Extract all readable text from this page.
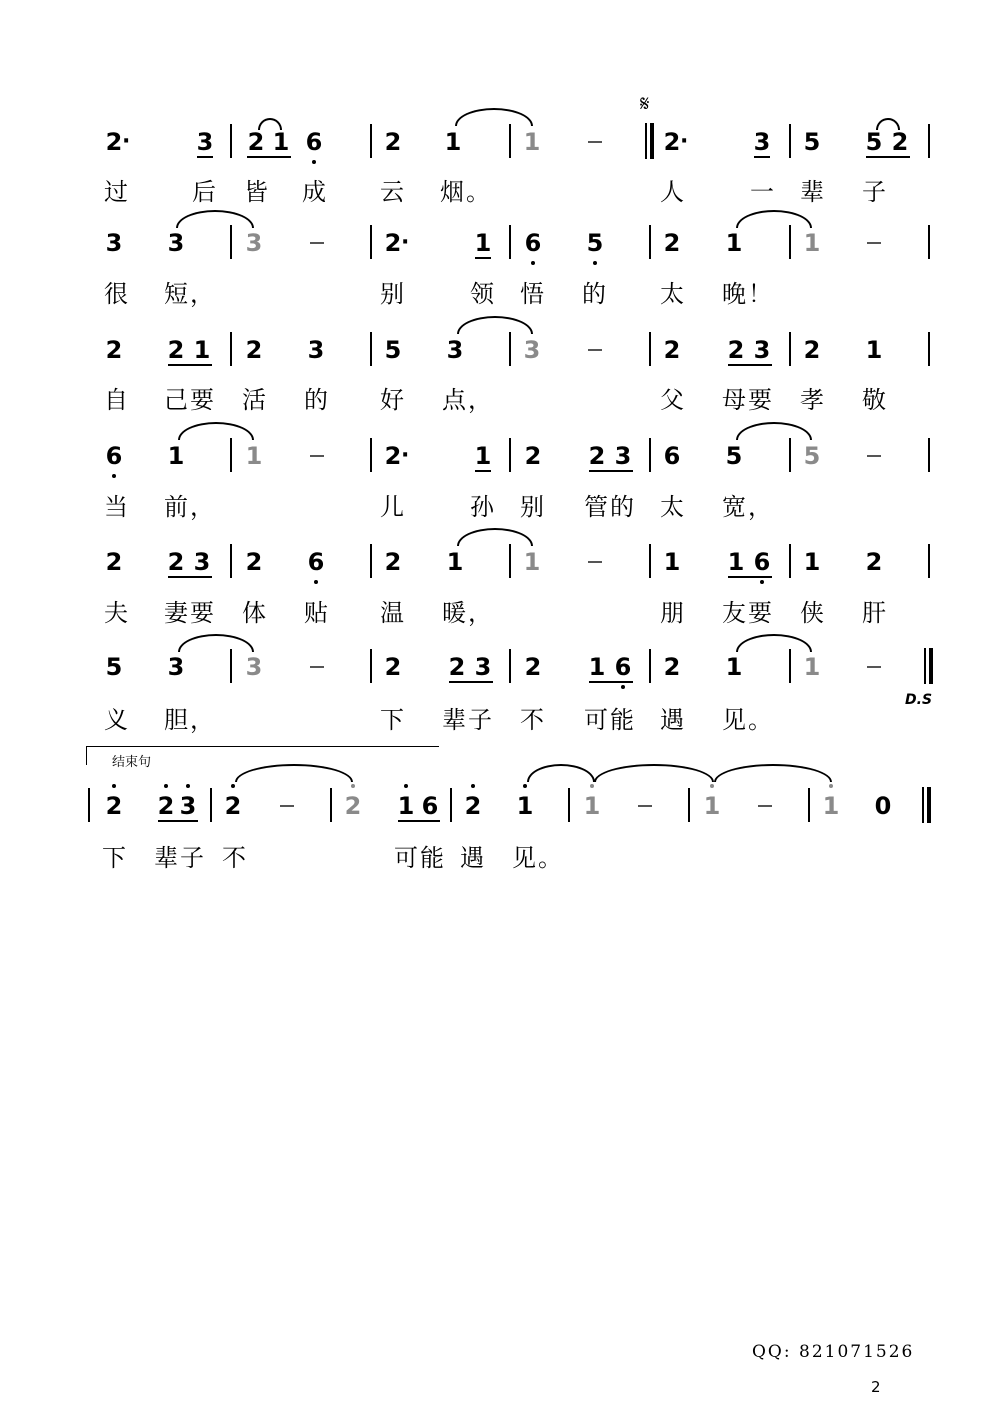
2 ·	3	2 1 6	2	1	1
𝄋
2 ·	3	5	5 2
过	后 皆 成 云 烟。	人	一 辈 子
3	3	3	2 ·	1	6	5	2	1	1
很 短，	别	领 悟 的 太 晚！
2	2 1	2	3	5	3	3	2	2 3	2	1
自 己要 活 的 好 点，	父 母要 孝 敬
6	1	1	2 ·	1	2	2 3	6	5	5
当 前，	儿	孙 别 管的 太 宽，
2	2 3	2	6	2	1	1	1	1 6	1	2
夫 妻要 体 贴 温 暖，	朋 友要 侠 肝
5	3	3	2	2 3	2	1 6	2	1	1
D.S
义 胆，	下 辈子 不 可能 遇 见。
结束句
2	2 3	2	2	1 6	2	1	1	1	1	0
下 辈子 不	可能 遇 见。
QQ: 821071526
2
